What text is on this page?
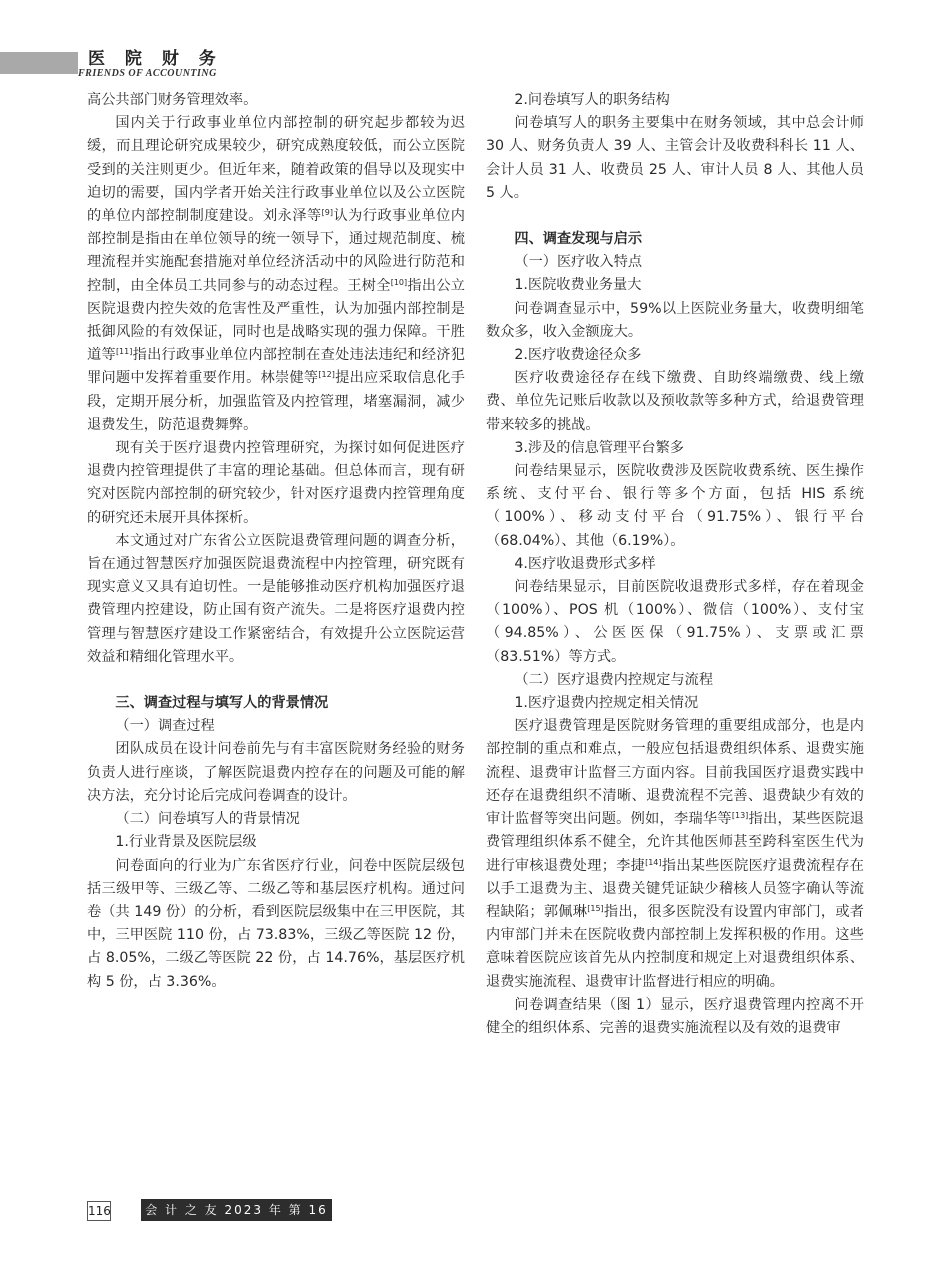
医 院 财 务
FRIENDS OF ACCOUNTING

高公共部门财务管理效率。

国内关于行政事业单位内部控制的研究起步都较为迟缓，而且理论研究成果较少，研究成熟度较低，而公立医院受到的关注则更少。但近年来，随着政策的倡导以及现实中迫切的需要，国内学者开始关注行政事业单位以及公立医院的单位内部控制制度建设。刘永泽等[9]认为行政事业单位内部控制是指由在单位领导的统一领导下，通过规范制度、梳理流程并实施配套措施对单位经济活动中的风险进行防范和控制，由全体员工共同参与的动态过程。王树全[10]指出公立医院退费内控失效的危害性及严重性，认为加强内部控制是抵御风险的有效保证，同时也是战略实现的强力保障。干胜道等[11]指出行政事业单位内部控制在查处违法违纪和经济犯罪问题中发挥着重要作用。林崇健等[12]提出应采取信息化手段，定期开展分析，加强监管及内控管理，堵塞漏洞，减少退费发生，防范退费舞弊。

现有关于医疗退费内控管理研究，为探讨如何促进医疗退费内控管理提供了丰富的理论基础。但总体而言，现有研究对医院内部控制的研究较少，针对医疗退费内控管理角度的研究还未展开具体探析。

本文通过对广东省公立医院退费管理问题的调查分析，旨在通过智慧医疗加强医院退费流程中内控管理，研究既有现实意义又具有迫切性。一是能够推动医疗机构加强医疗退费管理内控建设，防止国有资产流失。二是将医疗退费内控管理与智慧医疗建设工作紧密结合，有效提升公立医院运营效益和精细化管理水平。

三、调查过程与填写人的背景情况

（一）调查过程

团队成员在设计问卷前先与有丰富医院财务经验的财务负责人进行座谈，了解医院退费内控存在的问题及可能的解决方法，充分讨论后完成问卷调查的设计。

（二）问卷填写人的背景情况

1.行业背景及医院层级

问卷面向的行业为广东省医疗行业，问卷中医院层级包括三级甲等、三级乙等、二级乙等和基层医疗机构。通过问卷（共 149 份）的分析，看到医院层级集中在三甲医院，其中，三甲医院 110 份，占 73.83%，三级乙等医院 12 份，占 8.05%，二级乙等医院 22 份，占 14.76%，基层医疗机构 5 份，占 3.36%。

2.问卷填写人的职务结构

问卷填写人的职务主要集中在财务领域，其中总会计师 30 人、财务负责人 39 人、主管会计及收费科科长 11 人、会计人员 31 人、收费员 25 人、审计人员 8 人、其他人员 5 人。

四、调查发现与启示

（一）医疗收入特点

1.医院收费业务量大

问卷调查显示中，59%以上医院业务量大，收费明细笔数众多，收入金额庞大。

2.医疗收费途径众多

医疗收费途径存在线下缴费、自助终端缴费、线上缴费、单位先记账后收款以及预收款等多种方式，给退费管理带来较多的挑战。

3.涉及的信息管理平台繁多

问卷结果显示，医院收费涉及医院收费系统、医生操作系统、支付平台、银行等多个方面，包括 HIS 系统（100%）、移动支付平台（91.75%）、银行平台（68.04%）、其他（6.19%）。

4.医疗收退费形式多样

问卷结果显示，目前医院收退费形式多样，存在着现金（100%）、POS 机（100%）、微信（100%）、支付宝（94.85%）、公医医保（91.75%）、支票或汇票（83.51%）等方式。

（二）医疗退费内控规定与流程

1.医疗退费内控规定相关情况

医疗退费管理是医院财务管理的重要组成部分，也是内部控制的重点和难点，一般应包括退费组织体系、退费实施流程、退费审计监督三方面内容。目前我国医疗退费实践中还存在退费组织不清晰、退费流程不完善、退费缺少有效的审计监督等突出问题。例如，李瑞华等[13]指出，某些医院退费管理组织体系不健全，允许其他医师甚至跨科室医生代为进行审核退费处理；李捷[14]指出某些医院医疗退费流程存在以手工退费为主、退费关键凭证缺少稽核人员签字确认等流程缺陷；郭佩琳[15]指出，很多医院没有设置内审部门，或者内审部门并未在医院收费内部控制上发挥积极的作用。这些意味着医院应该首先从内控制度和规定上对退费组织体系、退费实施流程、退费审计监督进行相应的明确。

问卷调查结果（图 1）显示，医疗退费管理内控离不开健全的组织体系、完善的退费实施流程以及有效的退费审

116	会 计 之 友 2023 年 第 16 期
